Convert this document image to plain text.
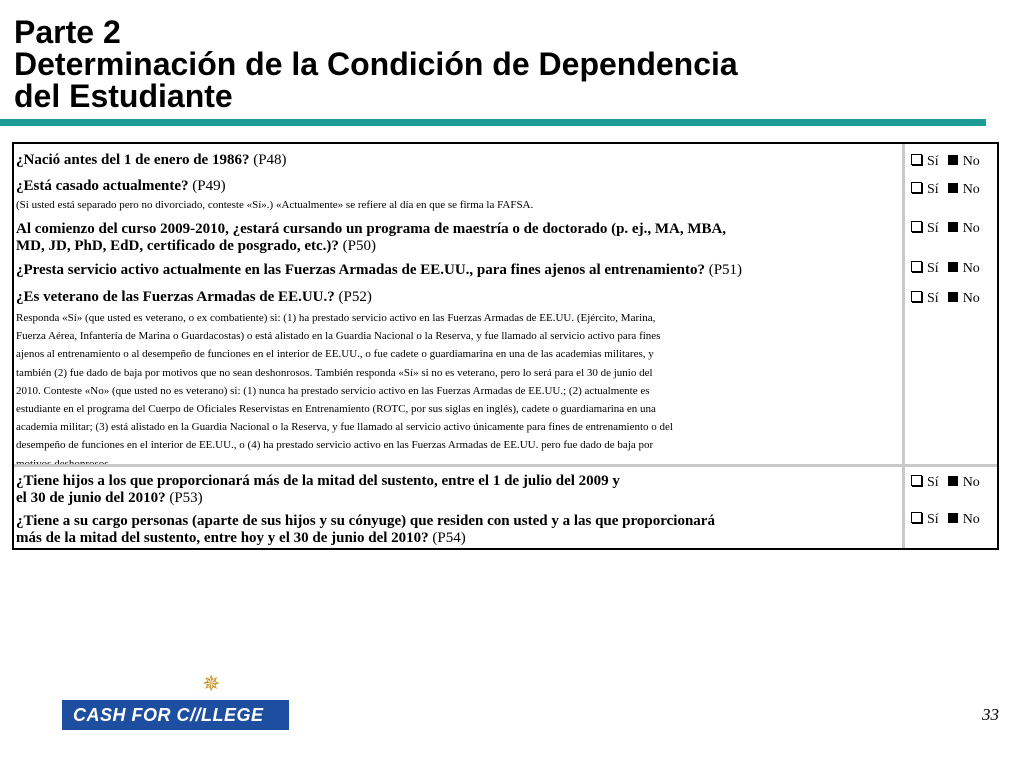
Parte 2
Determinación de la Condición de Dependencia
del Estudiante
¿Nació antes del 1 de enero de 1986? (P48)
¿Está casado actualmente? (P49)
(Si usted está separado pero no divorciado, conteste «Sí».) «Actualmente» se refiere al día en que se firma la FAFSA.
Al comienzo del curso 2009-2010, ¿estará cursando un programa de maestría o de doctorado (p. ej., MA, MBA,
MD, JD, PhD, EdD, certificado de posgrado, etc.)? (P50)
¿Presta servicio activo actualmente en las Fuerzas Armadas de EE.UU., para fines ajenos al entrenamiento? (P51)
¿Es veterano de las Fuerzas Armadas de EE.UU.? (P52)
Responda «Sí» (que usted es veterano, o ex combatiente) si: (1) ha prestado servicio activo en las Fuerzas Armadas de EE.UU. (Ejército, Marina,
Fuerza Aérea, Infantería de Marina o Guardacostas) o está alistado en la Guardia Nacional o la Reserva, y fue llamado al servicio activo para fines
ajenos al entrenamiento o al desempeño de funciones en el interior de EE.UU., o fue cadete o guardiamarina en una de las academias militares, y
también (2) fue dado de baja por motivos que no sean deshonrosos. También responda «Sí» si no es veterano, pero lo será para el 30 de junio del
2010. Conteste «No» (que usted no es veterano) si: (1) nunca ha prestado servicio activo en las Fuerzas Armadas de EE.UU.; (2) actualmente es
estudiante en el programa del Cuerpo de Oficiales Reservistas en Entrenamiento (ROTC, por sus siglas en inglés), cadete o guardiamarina en una
academia militar; (3) está alistado en la Guardia Nacional o la Reserva, y fue llamado al servicio activo únicamente para fines de entrenamiento o del
desempeño de funciones en el interior de EE.UU., o (4) ha prestado servicio activo en las Fuerzas Armadas de EE.UU. pero fue dado de baja por
motivos deshonrosos.
¿Tiene hijos a los que proporcionará más de la mitad del sustento, entre el 1 de julio del 2009 y
el 30 de junio del 2010? (P53)
¿Tiene a su cargo personas (aparte de sus hijos y su cónyuge) que residen con usted y a las que proporcionará
más de la mitad del sustento, entre hoy y el 30 de junio del 2010? (P54)
Sí No
Sí No
Sí No
Sí No
Sí No
Sí No
Sí No
✵
CASH FOR C//LLEGE	33
